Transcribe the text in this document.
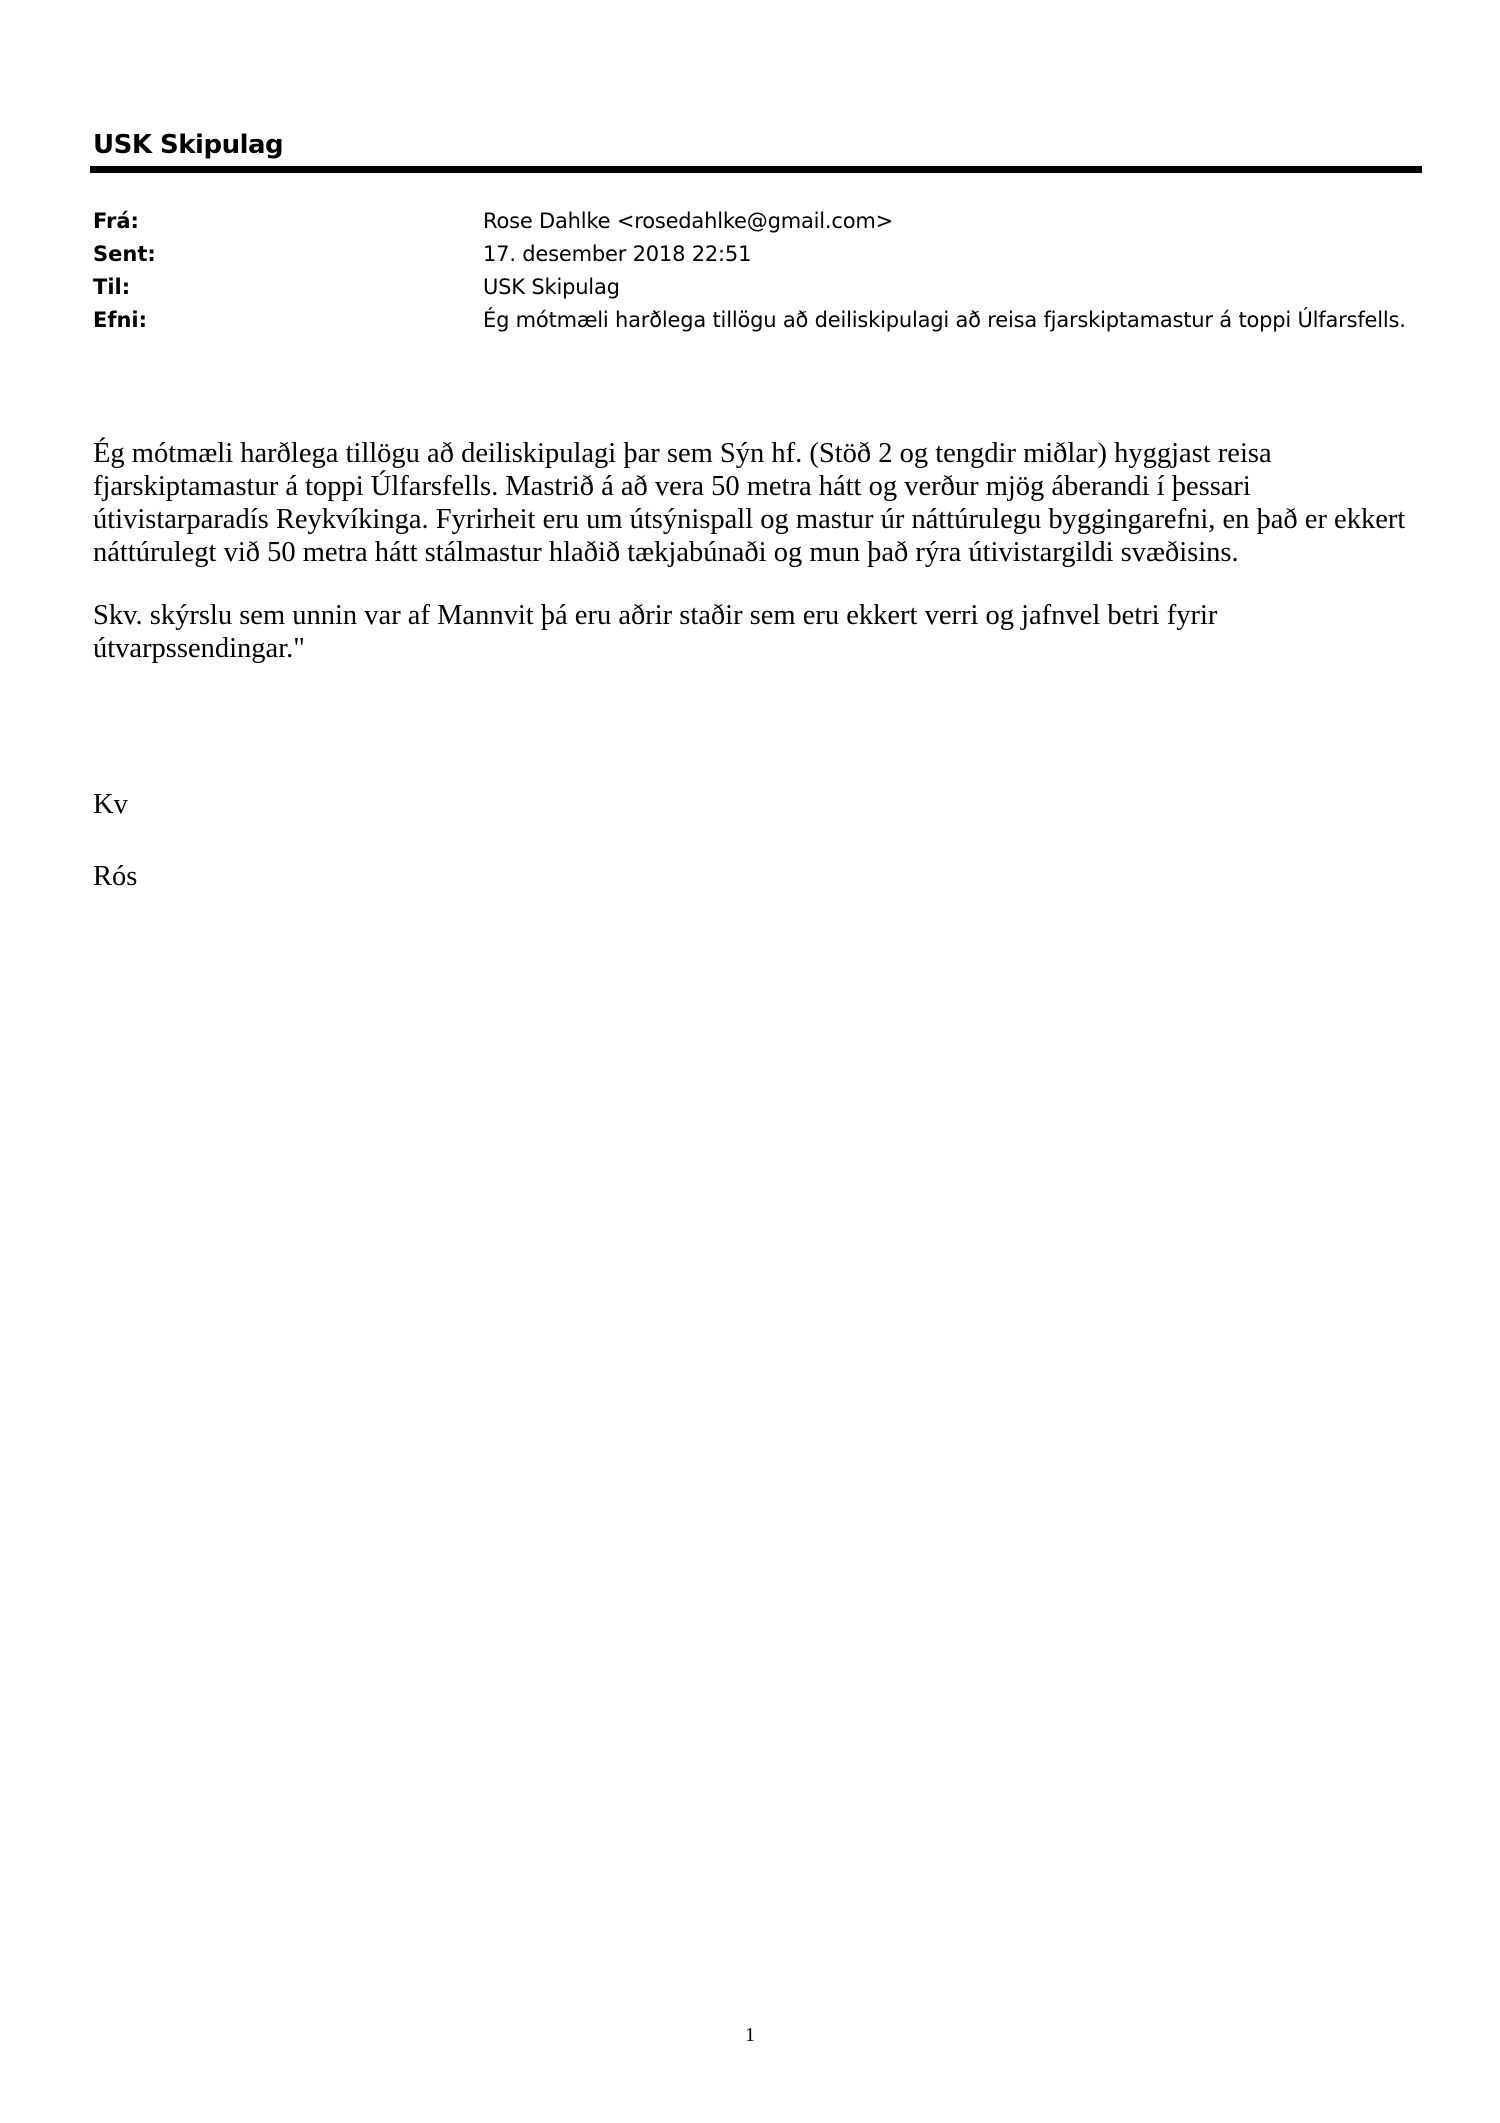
USK Skipulag
Frá:	Rose Dahlke <rosedahlke@gmail.com>
Sent:	17. desember 2018 22:51
Til:	USK Skipulag
Efni:	Ég mótmæli harðlega tillögu að deiliskipulagi að reisa fjarskiptamastur á toppi Úlfarsfells.

Ég mótmæli harðlega tillögu að deiliskipulagi þar sem Sýn hf. (Stöð 2 og tengdir miðlar) hyggjast reisa fjarskiptamastur á toppi Úlfarsfells. Mastrið á að vera 50 metra hátt og verður mjög áberandi í þessari útivistarparadís Reykvíkinga. Fyrirheit eru um útsýnispall og mastur úr náttúrulegu byggingarefni, en það er ekkert náttúrulegt við 50 metra hátt stálmastur hlaðið tækjabúnaði og mun það rýra útivistargildi svæðisins.

Skv. skýrslu sem unnin var af Mannvit þá eru aðrir staðir sem eru ekkert verri og jafnvel betri fyrir útvarpssendingar."

Kv
Rós
1
